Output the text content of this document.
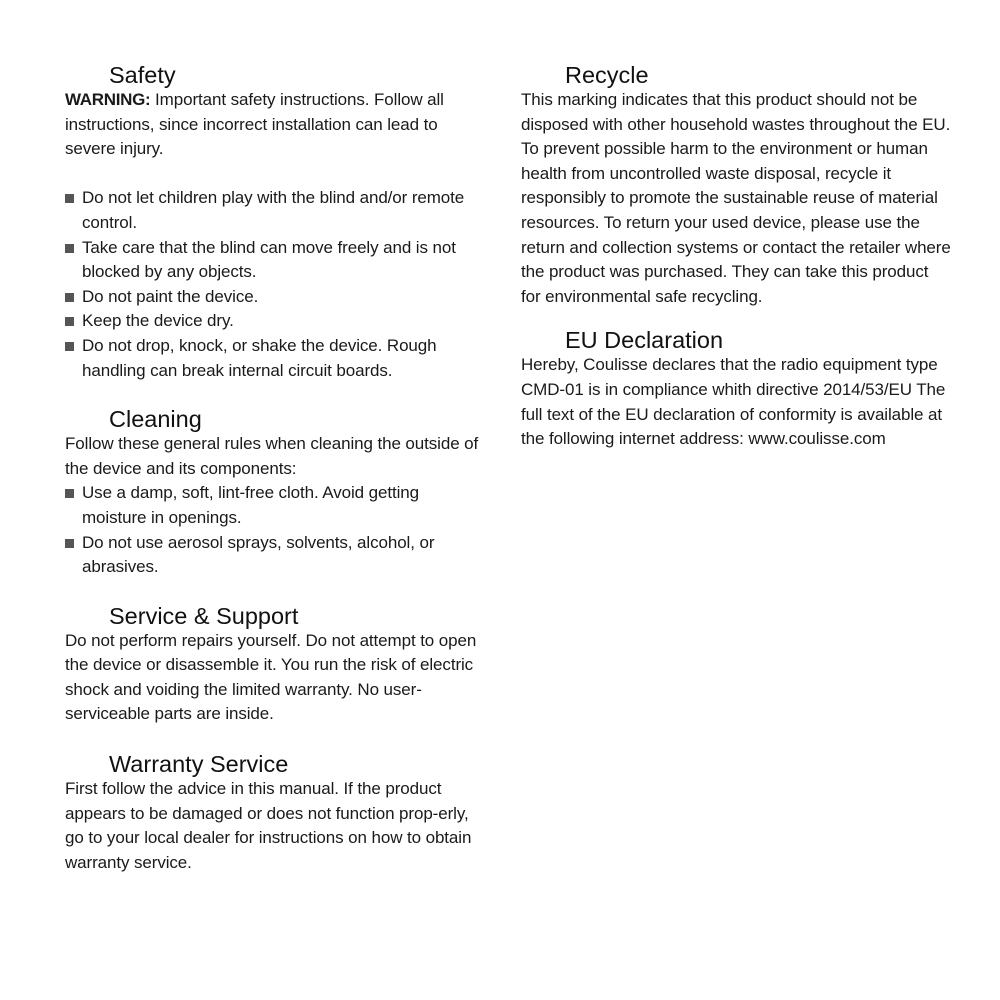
Safety

WARNING: Important safety instructions. Follow all instructions, since incorrect installation can lead to severe injury.

Do not let children play with the blind and/or remote control.
Take care that the blind can move freely and is not blocked by any objects.
Do not paint the device.
Keep the device dry.
Do not drop, knock, or shake the device. Rough handling can break internal circuit boards.
Cleaning

Follow these general rules when cleaning the outside of the device and its components:

Use a damp, soft, lint-free cloth. Avoid getting moisture in openings.
Do not use aerosol sprays, solvents, alcohol, or abrasives.
Service & Support

Do not perform repairs yourself. Do not attempt to open the device or disassemble it. You run the risk of electric shock and voiding the limited warranty. No user-serviceable parts are inside.

Warranty Service

First follow the advice in this manual. If the product appears to be damaged or does not function prop-erly, go to your local dealer for instructions on how to obtain warranty service.

Recycle

This marking indicates that this product should not be disposed with other household wastes throughout the EU. To prevent possible harm to the environment or human health from uncontrolled waste disposal, recycle it responsibly to promote the sustainable reuse of material resources. To return your used device, please use the return and collection systems or contact the retailer where the product was purchased. They can take this product for environmental safe recycling.

EU Declaration

Hereby, Coulisse declares that the radio equipment type CMD-01 is in compliance whith directive 2014/53/EU The full text of the EU declaration of conformity is available at the following internet address: www.coulisse.com
